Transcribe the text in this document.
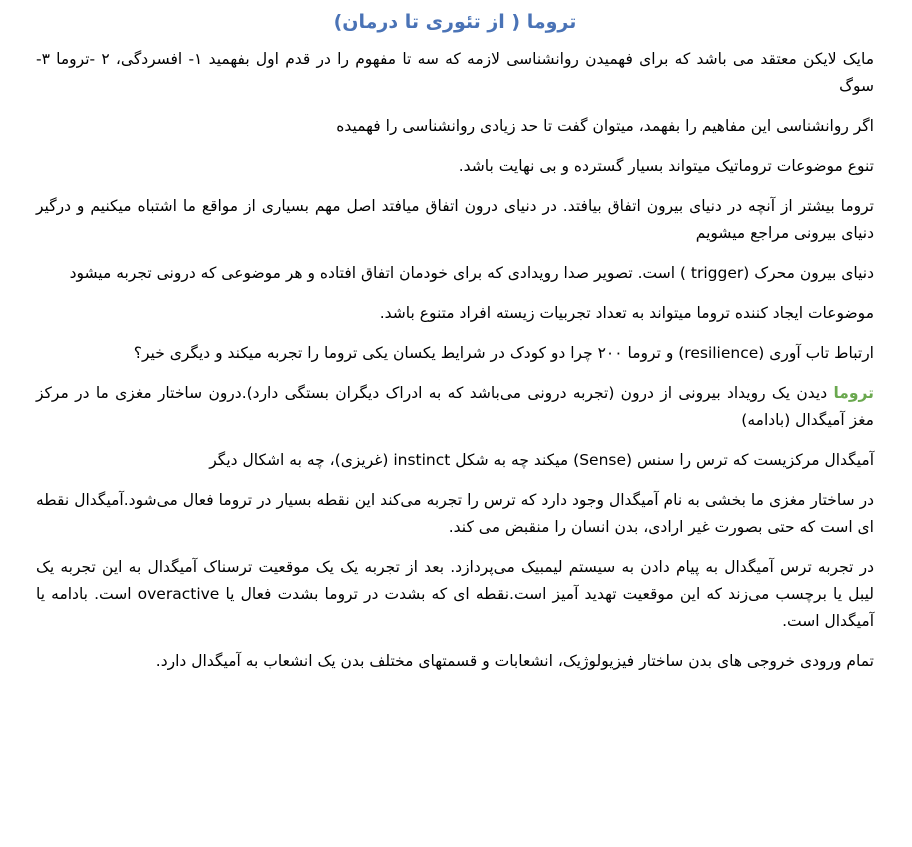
تروما ( از تئوری تا درمان)

مایک لایکن معتقد می باشد که برای فهمیدن روانشناسی لازمه که سه تا مفهوم را در قدم اول بفهمید ۱- افسردگی، ۲ -تروما ۳- سوگ

اگر روانشناسی این مفاهیم را بفهمد، میتوان گفت تا حد زیادی روانشناسی را فهمیده

تنوع موضوعات تروماتیک میتواند بسیار گسترده و بی نهایت باشد.

تروما بیشتر از آنچه در دنیای بیرون اتفاق بیافتد. در دنیای درون اتفاق میافتد اصل مهم بسیاری از مواقع ما اشتباه میکنیم و درگیر دنیای بیرونی مراجع میشویم

دنیای بیرون محرک (trigger ) است. تصویر صدا رویدادی که برای خودمان اتفاق افتاده و هر موضوعی که درونی تجربه میشود

موضوعات ایجاد کننده تروما میتواند به تعداد تجربیات زیسته افراد متنوع باشد.

ارتباط تاب آوری (resilience) و تروما ۲۰۰ چرا دو کودک در شرایط یکسان یکی تروما را تجربه میکند و دیگری خیر؟

تروما دیدن یک رویداد بیرونی از درون (تجربه درونی می‌باشد که به ادراک دیگران بستگی دارد).درون ساختار مغزی ما در مرکز مغز آمیگدال (بادامه)

آمیگدال مرکزیست که ترس را سنس (Sense) میکند چه به شکل instinct (غریزی)، چه به اشکال دیگر

در ساختار مغزی ما بخشی به نام آمیگدال وجود دارد که ترس را تجربه می‌کند این نقطه بسیار در تروما فعال می‌شود.آمیگدال نقطه ای است که حتی بصورت غیر ارادی، بدن انسان را منقبض می کند.

در تجربه ترس آمیگدال به پیام دادن به سیستم لیمبیک می‌پردازد. بعد از تجربه یک یک موقعیت ترسناک آمیگدال به این تجربه یک لیبل یا برچسب می‌زند که این موقعیت تهدید آمیز است.نقطه ای که بشدت در تروما بشدت فعال یا overactive است. بادامه یا آمیگدال است.

تمام ورودی خروجی های بدن ساختار فیزیولوژیک، انشعابات و قسمتهای مختلف بدن یک انشعاب به آمیگدال دارد.
